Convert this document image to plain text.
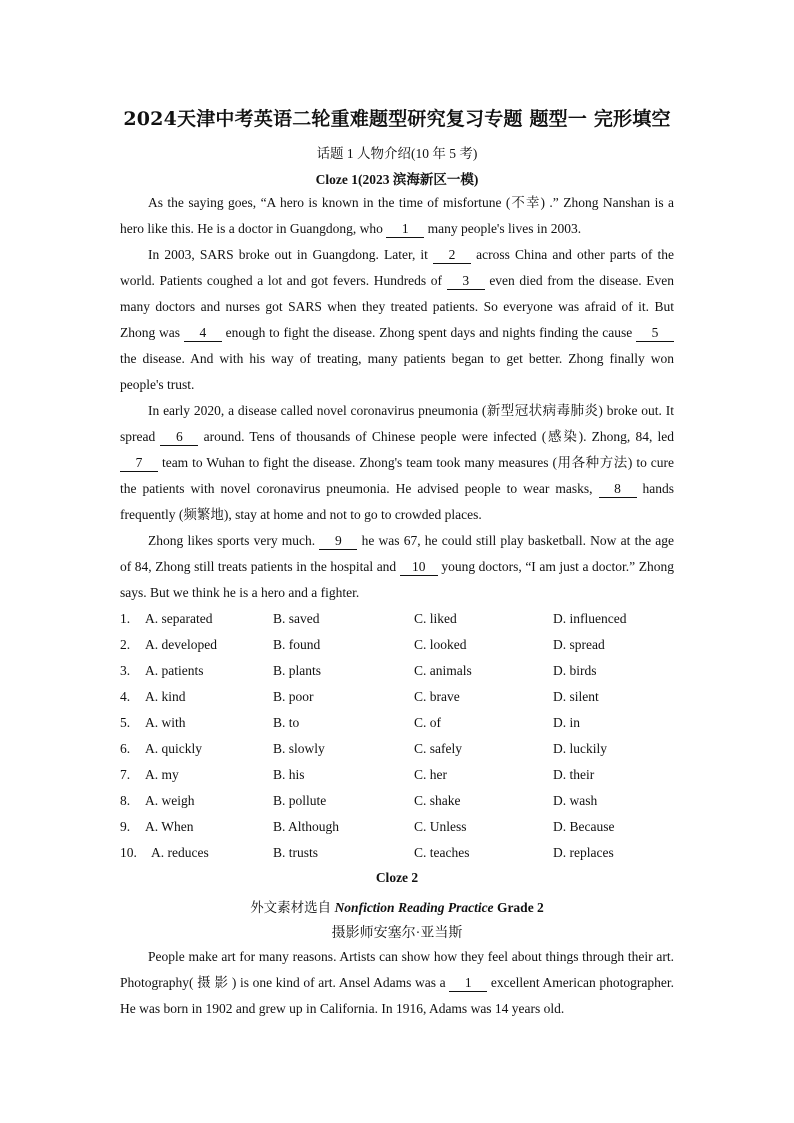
2024天津中考英语二轮重难题型研究复习专题 题型一 完形填空
话题 1 人物介绍(10 年 5 考)
Cloze 1(2023 滨海新区一模)
As the saying goes, “A hero is known in the time of misfortune (不幸) .” Zhong Nanshan is a hero like this. He is a doctor in Guangdong, who 1 many people's lives in 2003.
In 2003, SARS broke out in Guangdong. Later, it 2 across China and other parts of the world. Patients coughed a lot and got fevers. Hundreds of 3 even died from the disease. Even many doctors and nurses got SARS when they treated patients. So everyone was afraid of it. But Zhong was 4 enough to fight the disease. Zhong spent days and nights finding the cause 5 the disease. And with his way of treating, many patients began to get better. Zhong finally won people's trust.
In early 2020, a disease called novel coronavirus pneumonia (新型冠状病毒肺炎) broke out. It spread 6 around. Tens of thousands of Chinese people were infected (感染). Zhong, 84, led 7 team to Wuhan to fight the disease. Zhong's team took many measures (用各种方法) to cure the patients with novel coronavirus pneumonia. He advised people to wear masks, 8 hands frequently (频繁地), stay at home and not to go to crowded places.
Zhong likes sports very much. 9 he was 67, he could still play basketball. Now at the age of 84, Zhong still treats patients in the hospital and 10 young doctors, “I am just a doctor.” Zhong says. But we think he is a hero and a fighter.
1. A. separated	B. saved	C. liked	D. influenced
2. A. developed	B. found	C. looked	D. spread
3. A. patients	B. plants	C. animals	D. birds
4. A. kind	B. poor	C. brave	D. silent
5. A. with	B. to	C. of	D. in
6. A. quickly	B. slowly	C. safely	D. luckily
7. A. my	B. his	C. her	D. their
8. A. weigh	B. pollute	C. shake	D. wash
9. A. When	B. Although	C. Unless	D. Because
10. A. reduces	B. trusts	C. teaches	D. replaces
Cloze 2
外文素材选自 Nonfiction Reading Practice Grade 2
摄影师安塞尔·亚当斯
People make art for many reasons. Artists can show how they feel about things through their art. Photography( 摄 影 ) is one kind of art. Ansel Adams was a 1 excellent American photographer. He was born in 1902 and grew up in California. In 1916, Adams was 14 years old.
